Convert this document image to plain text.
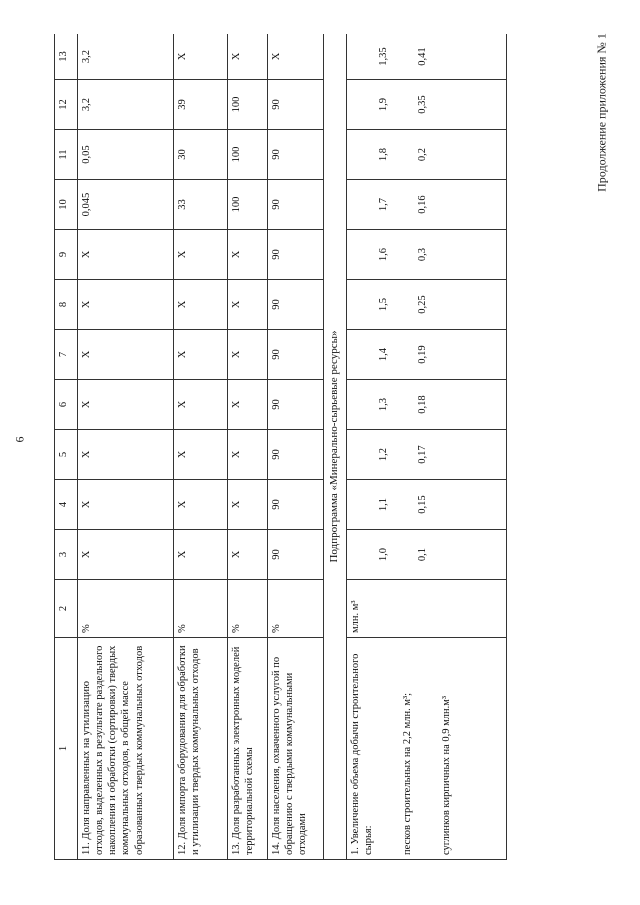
6
Продолжение приложения № 1
1	2	3	4	5	6	7	8	9	10	11	12	13
11. Доля направленных на утилизацию отходов, выделенных в результате раздельного накопления и обработки (сортировки) твердых коммунальных отходов, в общей массе образованных твердых коммунальных отходов	%	Х	Х	Х	Х	Х	Х	Х	0,045	0,05	3,2	3,2
12. Доля импорта оборудования для обработки и утилизации твердых коммунальных отходов	%	Х	Х	Х	Х	Х	Х	Х	33	30	39	Х
13. Доля разработанных электронных моделей территориальной схемы	%	Х	Х	Х	Х	Х	Х	Х	100	100	100	Х
14. Доля населения, охваченного услугой по обращению с твердыми коммунальными отходами	%	90	90	90	90	90	90	90	90	90	90	Х
Подпрограмма «Минерально-сырьевые ресурсы»												
1. Увеличение объема добычи строительного сырья: песков строительных на 2,2 млн. м³; суглинков кирпичных на 0,9 млн.м³	млн. м³	1,0 0,1	1,1 0,15	1,2 0,17	1,3 0,18	1,4 0,19	1,5 0,25	1,6 0,3	1,7 0,16	1,8 0,2	1,9 0,35	1,35 0,41
